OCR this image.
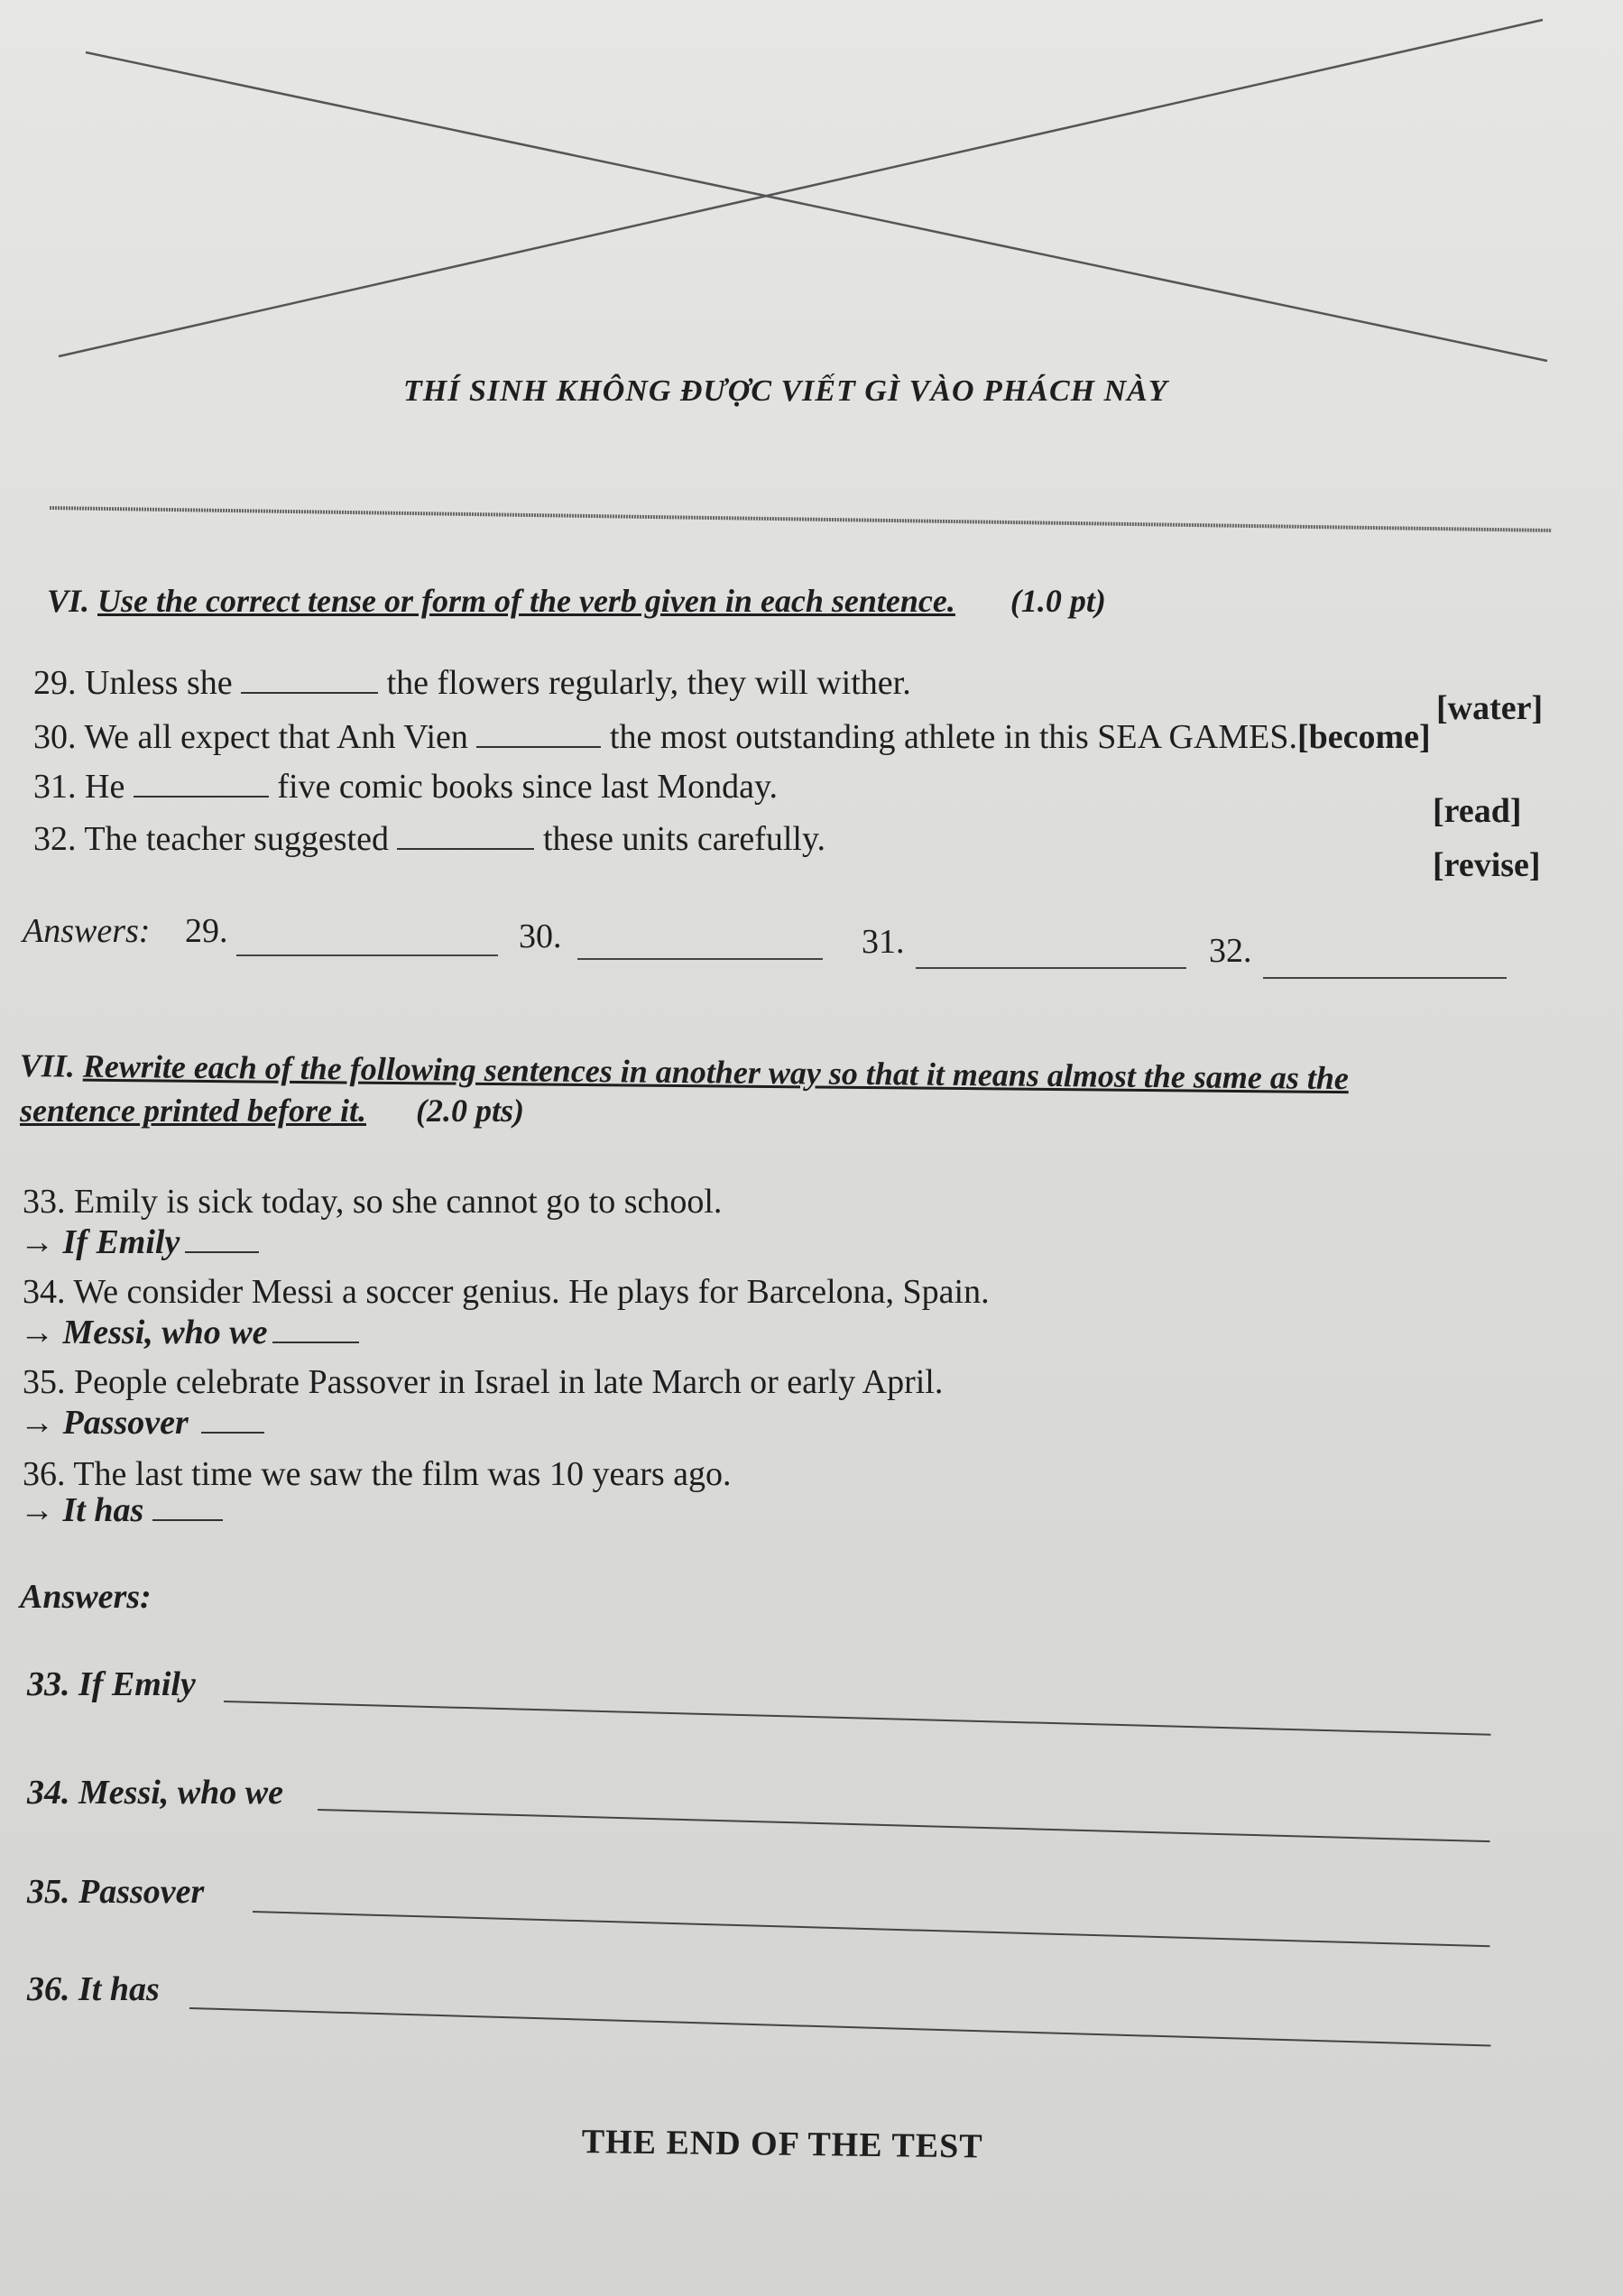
THÍ SINH KHÔNG ĐƯỢC VIẾT GÌ VÀO PHÁCH NÀY
VI. Use the correct tense or form of the verb given in each sentence. (1.0 pt)
29. Unless she	the flowers regularly, they will wither.
[water]
30. We all expect that Anh Vien	the most outstanding athlete in this SEA GAMES.[become]
31. He	five comic books since last Monday.
[read]
32. The teacher suggested	these units carefully.
[revise]
Answers: 29.	30.	31.	32.
VII. Rewrite each of the following sentences in another way so that it means almost the same as the
sentence printed before it. (2.0 pts)
33. Emily is sick today, so she cannot go to school.
→ If Emily
34. We consider Messi a soccer genius. He plays for Barcelona, Spain.
→ Messi, who we
35. People celebrate Passover in Israel in late March or early April.
→ Passover
36. The last time we saw the film was 10 years ago.
→ It has
Answers:
33. If Emily
34. Messi, who we
35. Passover
36. It has
THE END OF THE TEST
